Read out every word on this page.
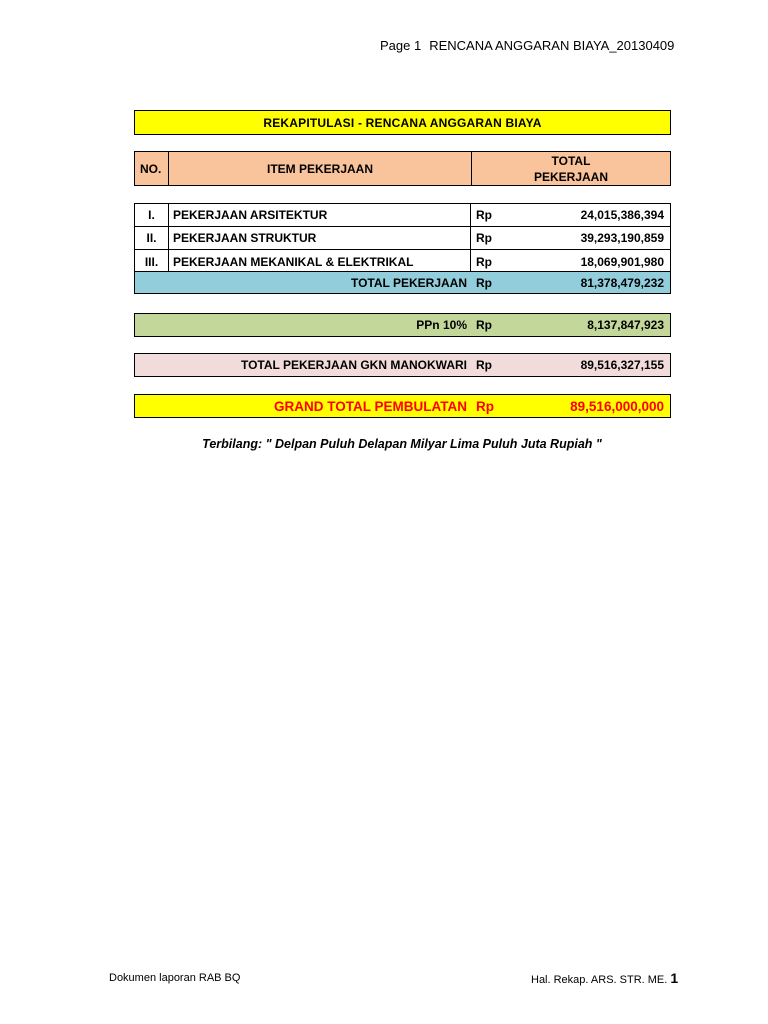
Page 1 RENCANA ANGGARAN BIAYA_20130409
REKAPITULASI - RENCANA ANGGARAN BIAYA
NO.	ITEM PEKERJAAN
TOTAL
PEKERJAAN
I.	PEKERJAAN ARSITEKTUR	Rp	24,015,386,394
II.	PEKERJAAN STRUKTUR	Rp	39,293,190,859
III.	PEKERJAAN MEKANIKAL & ELEKTRIKAL	Rp	18,069,901,980
TOTAL PEKERJAAN Rp	81,378,479,232
PPn 10% Rp	8,137,847,923
TOTAL PEKERJAAN GKN MANOKWARI Rp	89,516,327,155
GRAND TOTAL PEMBULATAN Rp	89,516,000,000
Terbilang: " Delpan Puluh Delapan Milyar Lima Puluh Juta Rupiah "
Dokumen laporan RAB BQ	Hal. Rekap. ARS. STR. ME. 1
